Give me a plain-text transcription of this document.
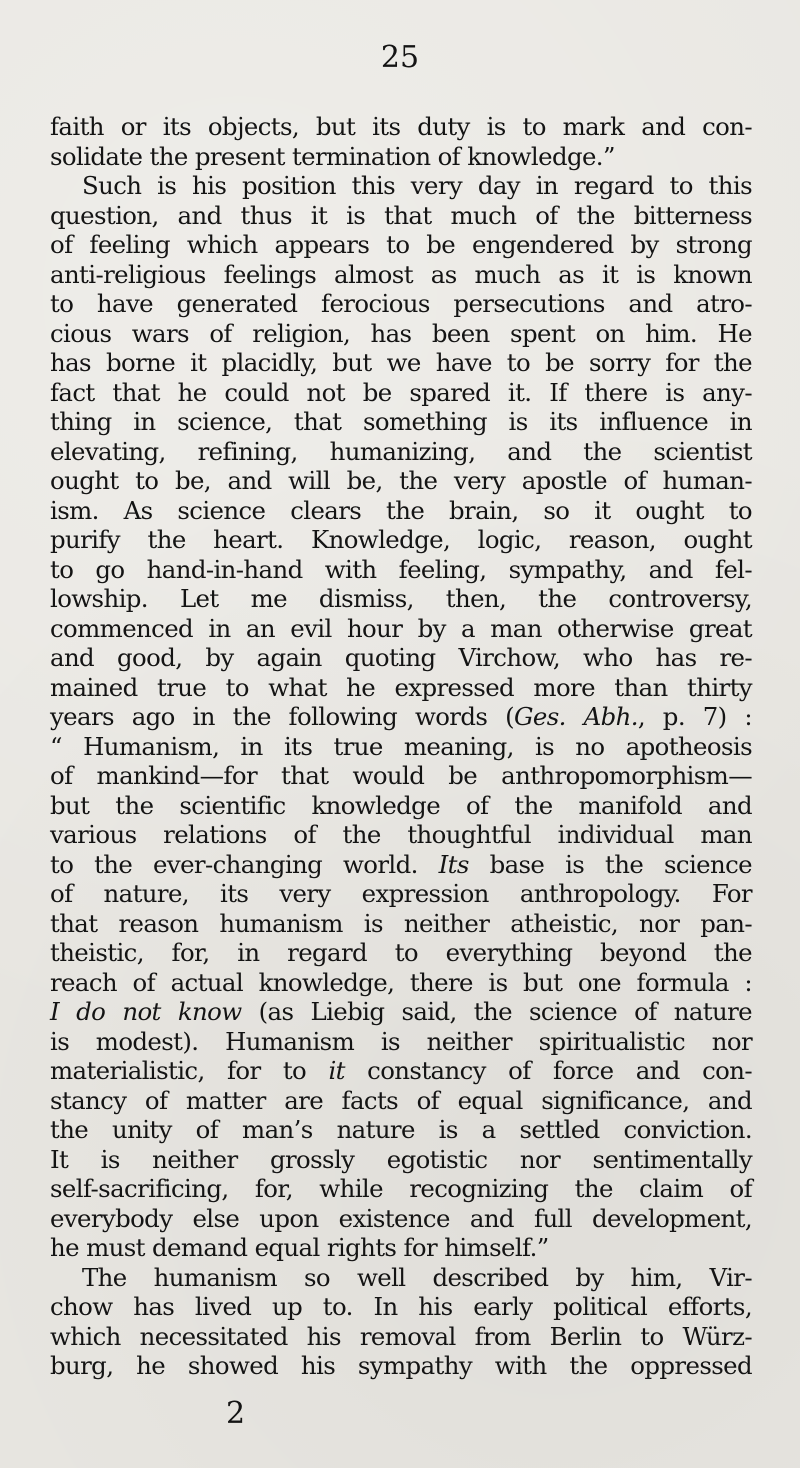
25
faith or its objects, but its duty is to mark and con-
solidate the present termination of knowledge.”
Such is his position this very day in regard to this
question, and thus it is that much of the bitterness
of feeling which appears to be engendered by strong
anti-religious feelings almost as much as it is known
to have generated ferocious persecutions and atro-
cious wars of religion, has been spent on him. He
has borne it placidly, but we have to be sorry for the
fact that he could not be spared it. If there is any-
thing in science, that something is its influence in
elevating, refining, humanizing, and the scientist
ought to be, and will be, the very apostle of human-
ism. As science clears the brain, so it ought to
purify the heart. Knowledge, logic, reason, ought
to go hand-in-hand with feeling, sympathy, and fel-
lowship. Let me dismiss, then, the controversy,
commenced in an evil hour by a man otherwise great
and good, by again quoting Virchow, who has re-
mained true to what he expressed more than thirty
years ago in the following words (Ges. Abh., p. 7) :
“ Humanism, in its true meaning, is no apotheosis
of mankind—for that would be anthropomorphism—
but the scientific knowledge of the manifold and
various relations of the thoughtful individual man
to the ever-changing world. Its base is the science
of nature, its very expression anthropology. For
that reason humanism is neither atheistic, nor pan-
theistic, for, in regard to everything beyond the
reach of actual knowledge, there is but one formula :
I do not know (as Liebig said, the science of nature
is modest). Humanism is neither spiritualistic nor
materialistic, for to it constancy of force and con-
stancy of matter are facts of equal significance, and
the unity of man’s nature is a settled conviction.
It is neither grossly egotistic nor sentimentally
self-sacrificing, for, while recognizing the claim of
everybody else upon existence and full development,
he must demand equal rights for himself.”
The humanism so well described by him, Vir-
chow has lived up to. In his early political efforts,
which necessitated his removal from Berlin to Würz-
burg, he showed his sympathy with the oppressed
2
